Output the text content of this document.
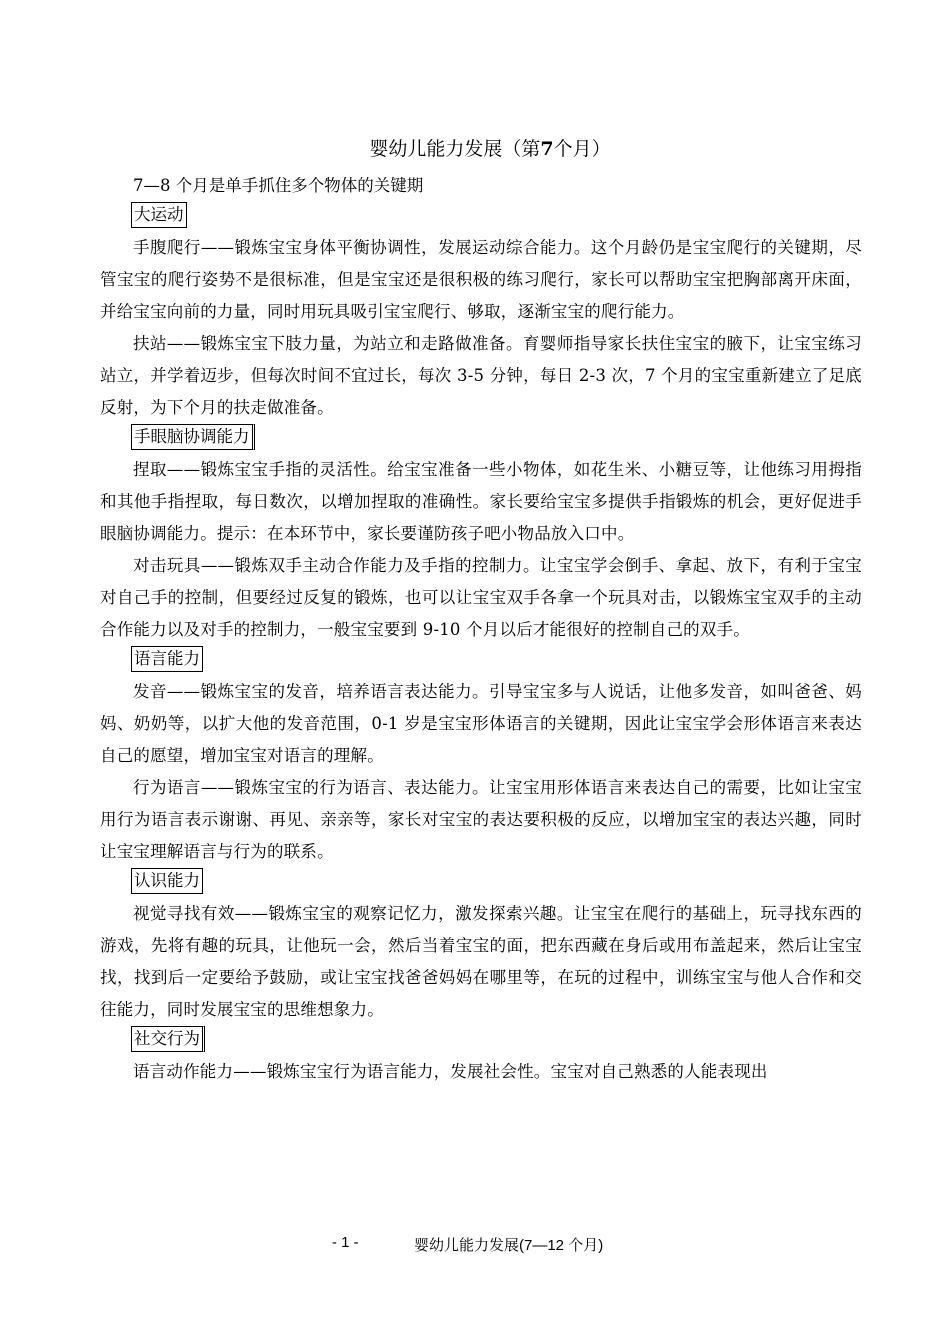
婴幼儿能力发展（第7个月）
7—8 个月是单手抓住多个物体的关键期
大运动

手腹爬行——锻炼宝宝身体平衡协调性，发展运动综合能力。这个月龄仍是宝宝爬行的关键期，尽管宝宝的爬行姿势不是很标准，但是宝宝还是很积极的练习爬行，家长可以帮助宝宝把胸部离开床面，并给宝宝向前的力量，同时用玩具吸引宝宝爬行、够取，逐渐宝宝的爬行能力。

扶站——锻炼宝宝下肢力量，为站立和走路做准备。育婴师指导家长扶住宝宝的腋下，让宝宝练习站立，并学着迈步，但每次时间不宜过长，每次 3-5 分钟，每日 2-3 次，7 个月的宝宝重新建立了足底反射，为下个月的扶走做准备。

手眼脑协调能力

捏取——锻炼宝宝手指的灵活性。给宝宝准备一些小物体，如花生米、小糖豆等，让他练习用拇指和其他手指捏取，每日数次，以增加捏取的准确性。家长要给宝宝多提供手指锻炼的机会，更好促进手眼脑协调能力。提示：在本环节中，家长要谨防孩子吧小物品放入口中。

对击玩具——锻炼双手主动合作能力及手指的控制力。让宝宝学会倒手、拿起、放下，有利于宝宝对自己手的控制，但要经过反复的锻炼，也可以让宝宝双手各拿一个玩具对击，以锻炼宝宝双手的主动合作能力以及对手的控制力，一般宝宝要到 9-10 个月以后才能很好的控制自己的双手。

语言能力

发音——锻炼宝宝的发音，培养语言表达能力。引导宝宝多与人说话，让他多发音，如叫爸爸、妈妈、奶奶等，以扩大他的发音范围，0-1 岁是宝宝形体语言的关键期，因此让宝宝学会形体语言来表达自己的愿望，增加宝宝对语言的理解。

行为语言——锻炼宝宝的行为语言、表达能力。让宝宝用形体语言来表达自己的需要，比如让宝宝用行为语言表示谢谢、再见、亲亲等，家长对宝宝的表达要积极的反应，以增加宝宝的表达兴趣，同时让宝宝理解语言与行为的联系。

认识能力

视觉寻找有效——锻炼宝宝的观察记忆力，激发探索兴趣。让宝宝在爬行的基础上，玩寻找东西的游戏，先将有趣的玩具，让他玩一会，然后当着宝宝的面，把东西藏在身后或用布盖起来，然后让宝宝找，找到后一定要给予鼓励，或让宝宝找爸爸妈妈在哪里等，在玩的过程中，训练宝宝与他人合作和交往能力，同时发展宝宝的思维想象力。

社交行为

语言动作能力——锻炼宝宝行为语言能力，发展社会性。宝宝对自己熟悉的人能表现出

- 1 -	婴幼儿能力发展(7—12 个月)
